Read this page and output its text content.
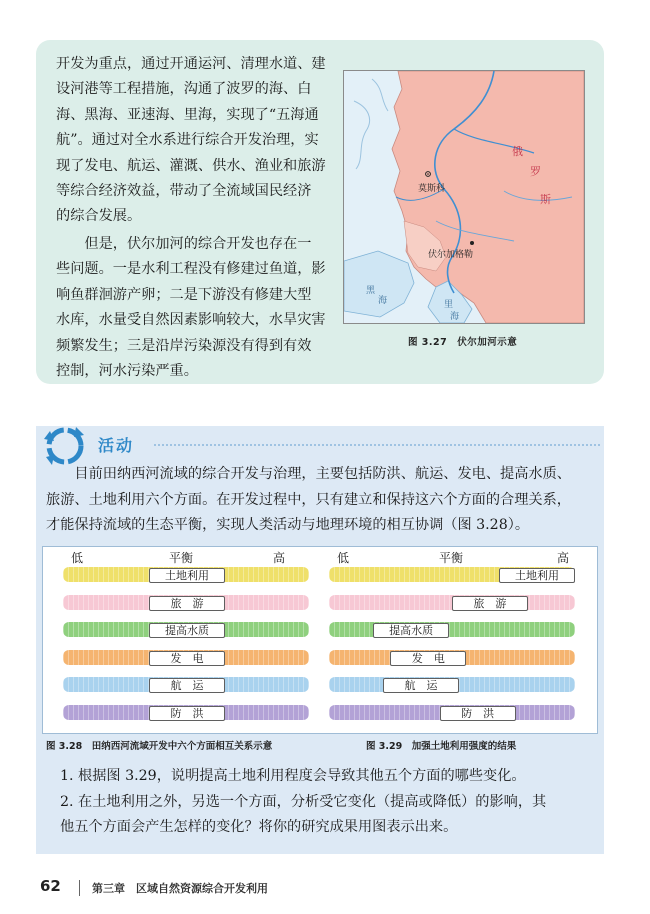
开发为重点，通过开通运河、清理水道、建

设河港等工程措施，沟通了波罗的海、白

海、黑海、亚速海、里海，实现了“五海通

航”。通过对全水系进行综合开发治理，实

现了发电、航运、灌溉、供水、渔业和旅游

等综合经济效益，带动了全流域国民经济

的综合发展。

　　但是，伏尔加河的综合开发也存在一

些问题。一是水利工程没有修建过鱼道，影

响鱼群洄游产卵；二是下游没有修建大型

水库，水量受自然因素影响较大，水旱灾害

频繁发生；三是沿岸污染源没有得到有效

控制，河水污染严重。

俄
罗
斯
莫斯科
伏尔加格勒
黑
海	里
海
图 3.27　伏尔加河示意
活动

目前田纳西河流域的综合开发与治理，主要包括防洪、航运、发电、提高水质、

旅游、土地利用六个方面。在开发过程中，只有建立和保持这六个方面的合理关系，

才能保持流域的生态平衡，实现人类活动与地理环境的相互协调（图 3.28）。

低	平衡	高
土地利用
旅　游
提高水质
发　电
航　运
防　洪
低	平衡	高
土地利用
旅　游
提高水质
发　电
航　运
防　洪
图 3.28　田纳西河流域开发中六个方面相互关系示意	图 3.29　加强土地利用强度的结果

1. 根据图 3.29，说明提高土地利用程度会导致其他五个方面的哪些变化。

2. 在土地利用之外，另选一个方面，分析受它变化（提高或降低）的影响，其

他五个方面会产生怎样的变化？将你的研究成果用图表示出来。

62	第三章　区域自然资源综合开发利用
